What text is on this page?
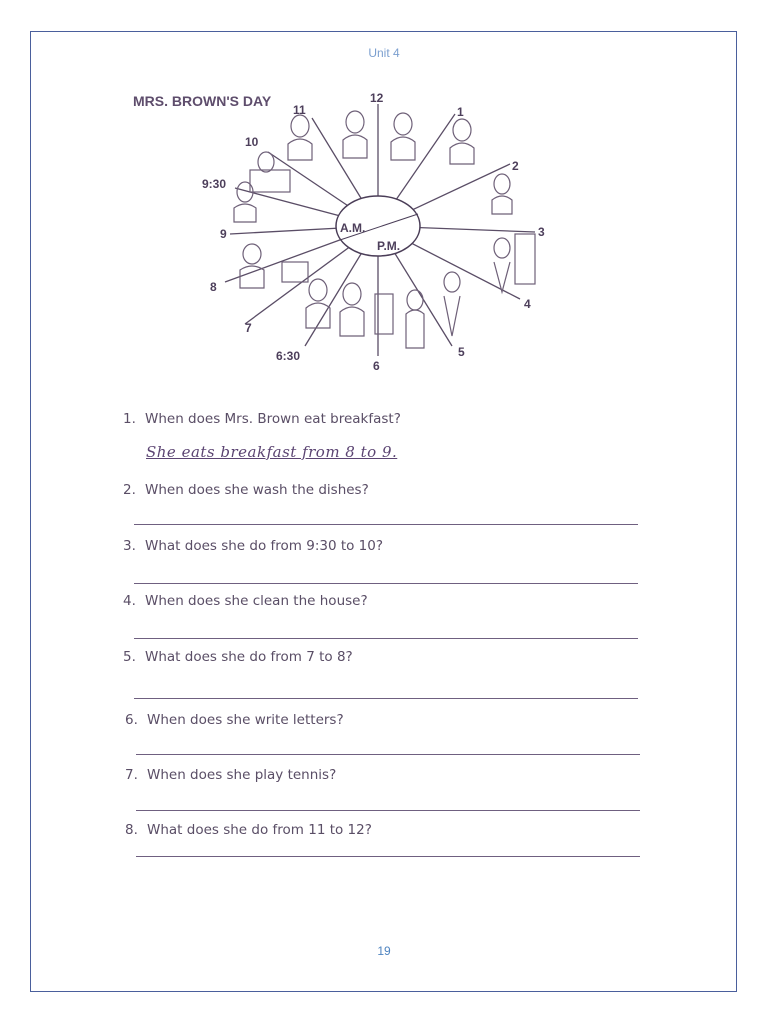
Unit 4
MRS. BROWN'S DAY
A.M.
P.M.
12
1
2
3
4
5
6
6:30
7
8
9
9:30
10
11
1. When does Mrs. Brown eat breakfast?
She eats breakfast from 8 to 9.
2. When does she wash the dishes?
3. What does she do from 9:30 to 10?
4. When does she clean the house?
5. What does she do from 7 to 8?
6. When does she write letters?
7. When does she play tennis?
8. What does she do from 11 to 12?
19
